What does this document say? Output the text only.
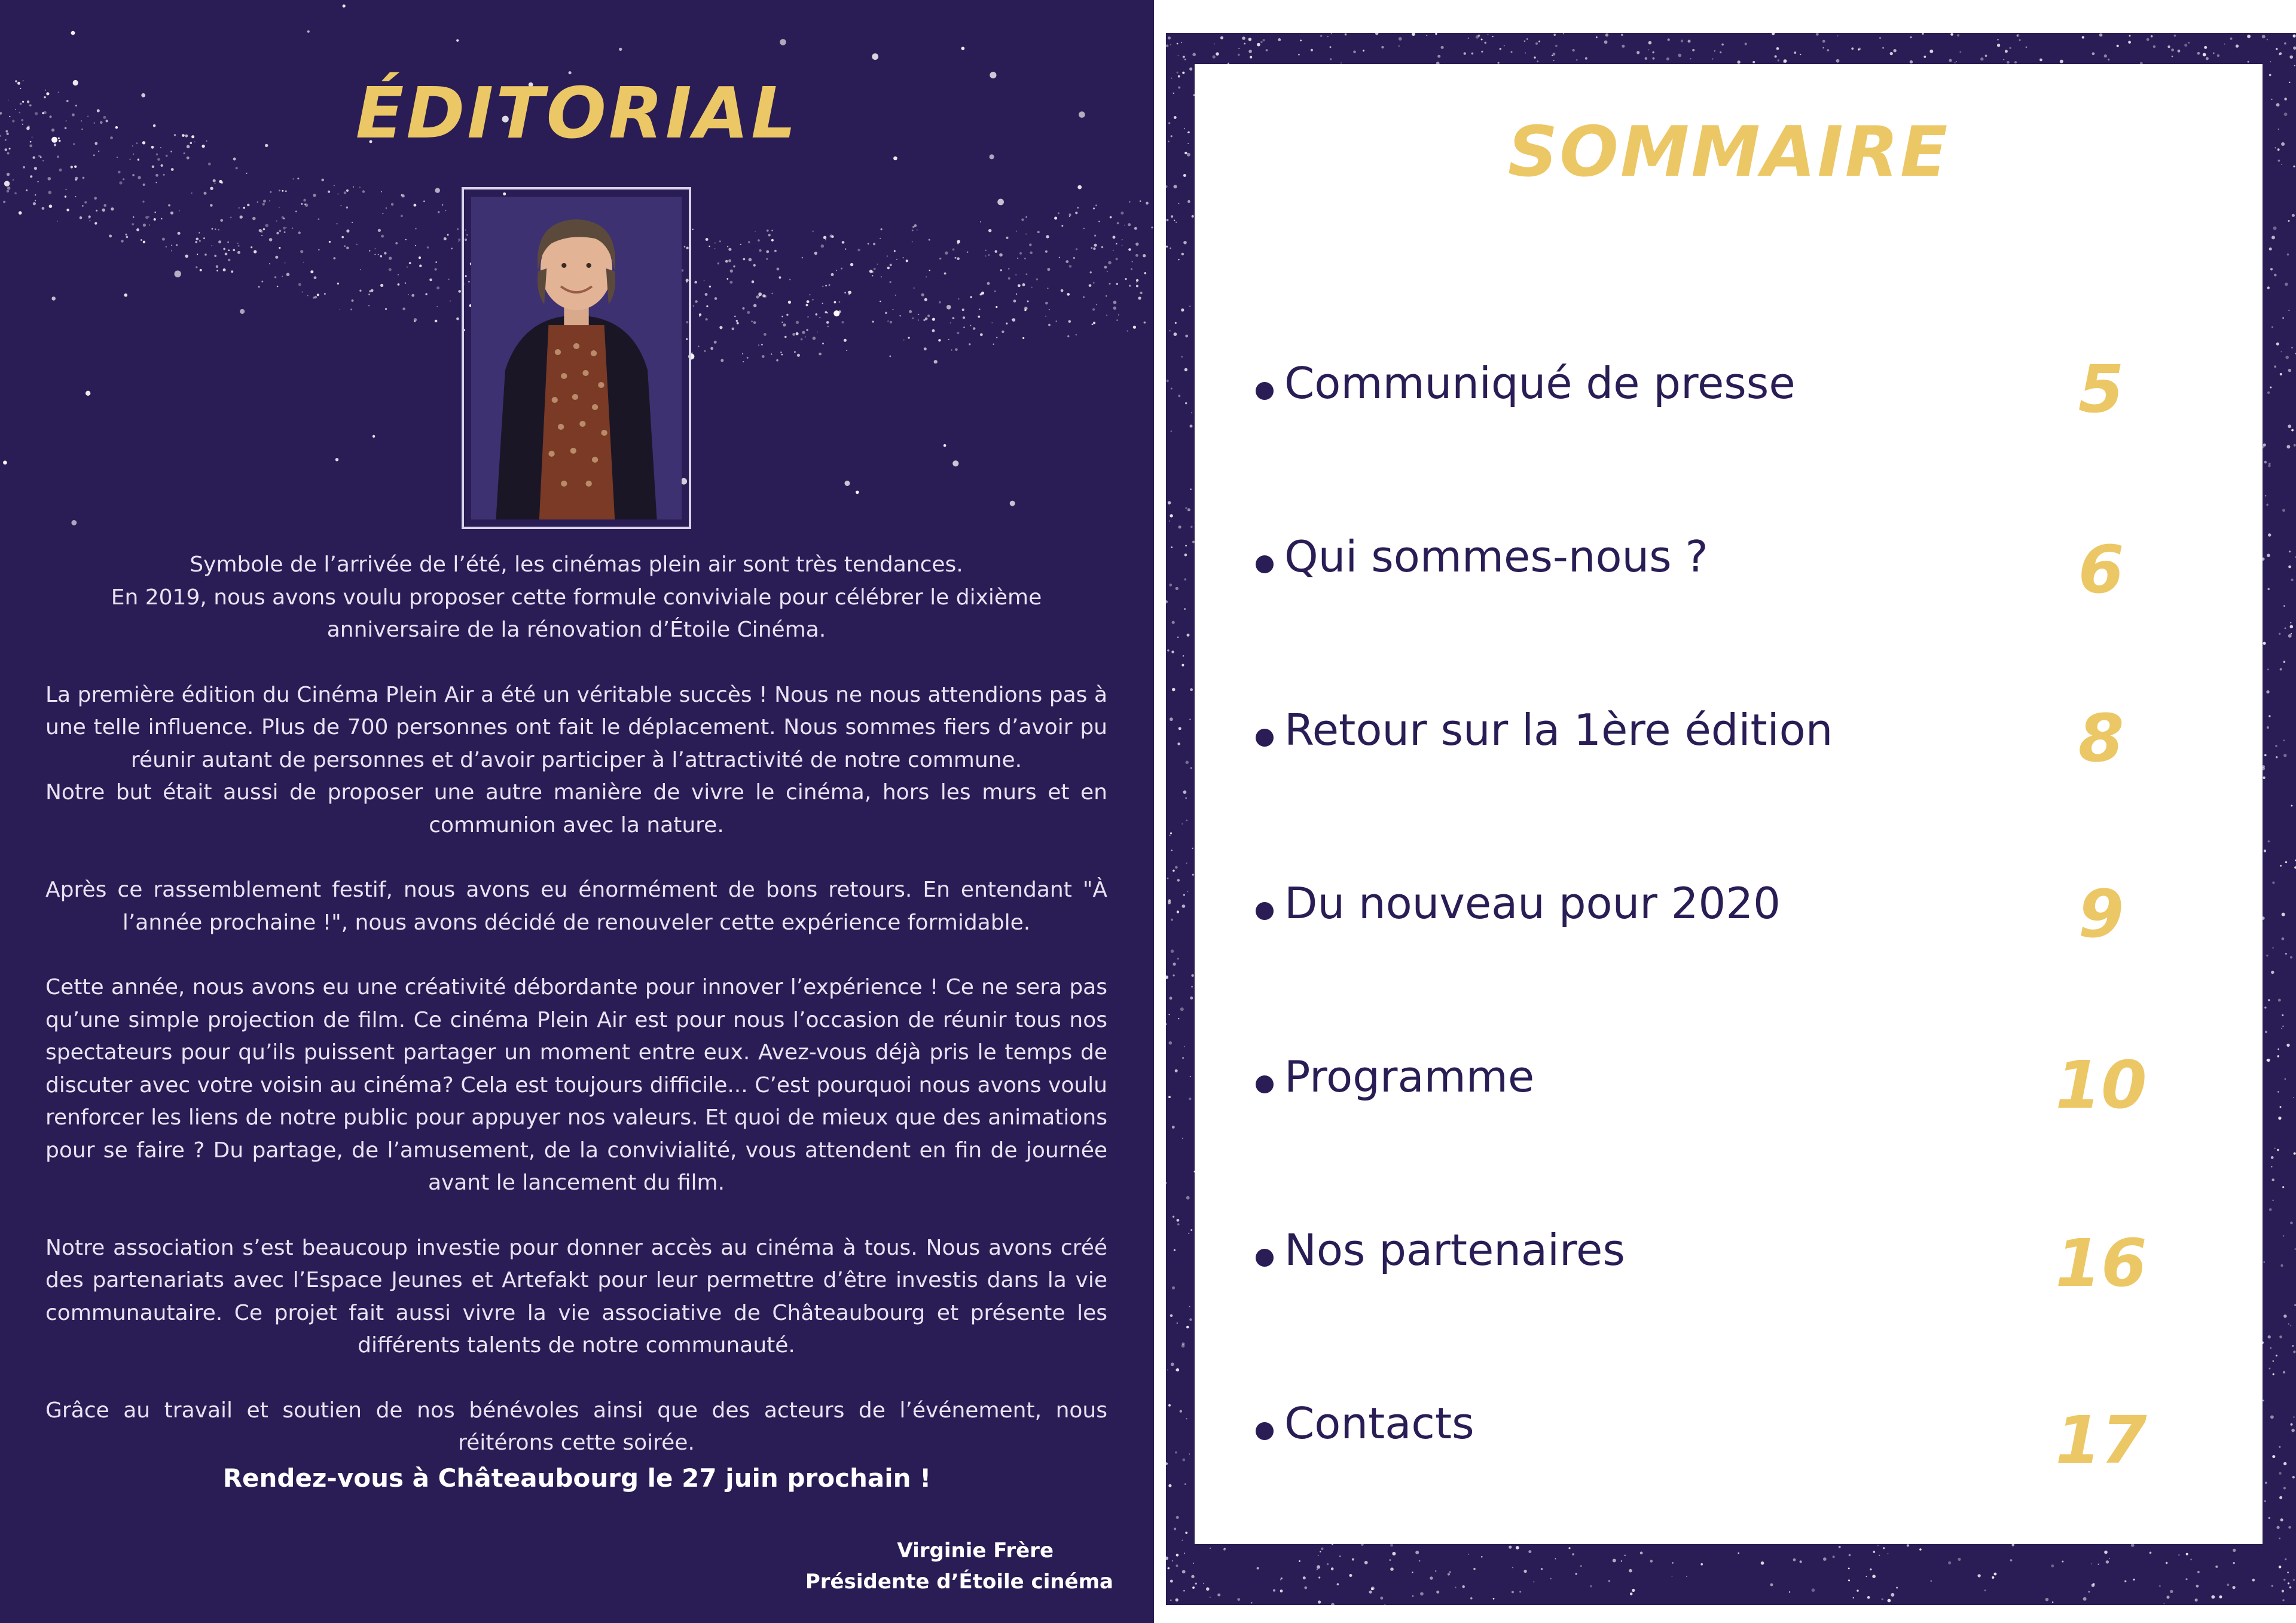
ÉDITORIAL

Symbole de l’arrivée de l’été, les cinémas plein air sont très tendances.
En 2019, nous avons voulu proposer cette formule conviviale pour célébrer le dixième anniversaire de la rénovation d’Étoile Cinéma.

La première édition du Cinéma Plein Air a été un véritable succès ! Nous ne nous attendions pas à une telle influence. Plus de 700 personnes ont fait le déplacement. Nous sommes fiers d’avoir pu réunir autant de personnes et d’avoir participer à l’attractivité de notre commune.
Notre but était aussi de proposer une autre manière de vivre le cinéma, hors les murs et en communion avec la nature.

Après ce rassemblement festif, nous avons eu énormément de bons retours. En entendant "À l’année prochaine !", nous avons décidé de renouveler cette expérience formidable.

Cette année, nous avons eu une créativité débordante pour innover l’expérience ! Ce ne sera pas qu’une simple projection de film. Ce cinéma Plein Air est pour nous l’occasion de réunir tous nos spectateurs pour qu’ils puissent partager un moment entre eux. Avez-vous déjà pris le temps de discuter avec votre voisin au cinéma? Cela est toujours difficile... C’est pourquoi nous avons voulu renforcer les liens de notre public pour appuyer nos valeurs. Et quoi de mieux que des animations pour se faire ? Du partage, de l’amusement, de la convivialité, vous attendent en fin de journée avant le lancement du film.

Notre association s’est beaucoup investie pour donner accès au cinéma à tous. Nous avons créé des partenariats avec l’Espace Jeunes et Artefakt pour leur permettre d’être investis dans la vie communautaire. Ce projet fait aussi vivre la vie associative de Châteaubourg et présente les différents talents de notre communauté.

Grâce au travail et soutien de nos bénévoles ainsi que des acteurs de l’événement, nous réitérons cette soirée.

Rendez-vous à Châteaubourg le 27 juin prochain !
Virginie Frère
Présidente d’Étoile cinéma
SOMMAIRE
Communiqué de presse	5
Qui sommes-nous ?	6
Retour sur la 1ère édition	8
Du nouveau pour 2020	9
Programme	10
Nos partenaires	16
Contacts	17
